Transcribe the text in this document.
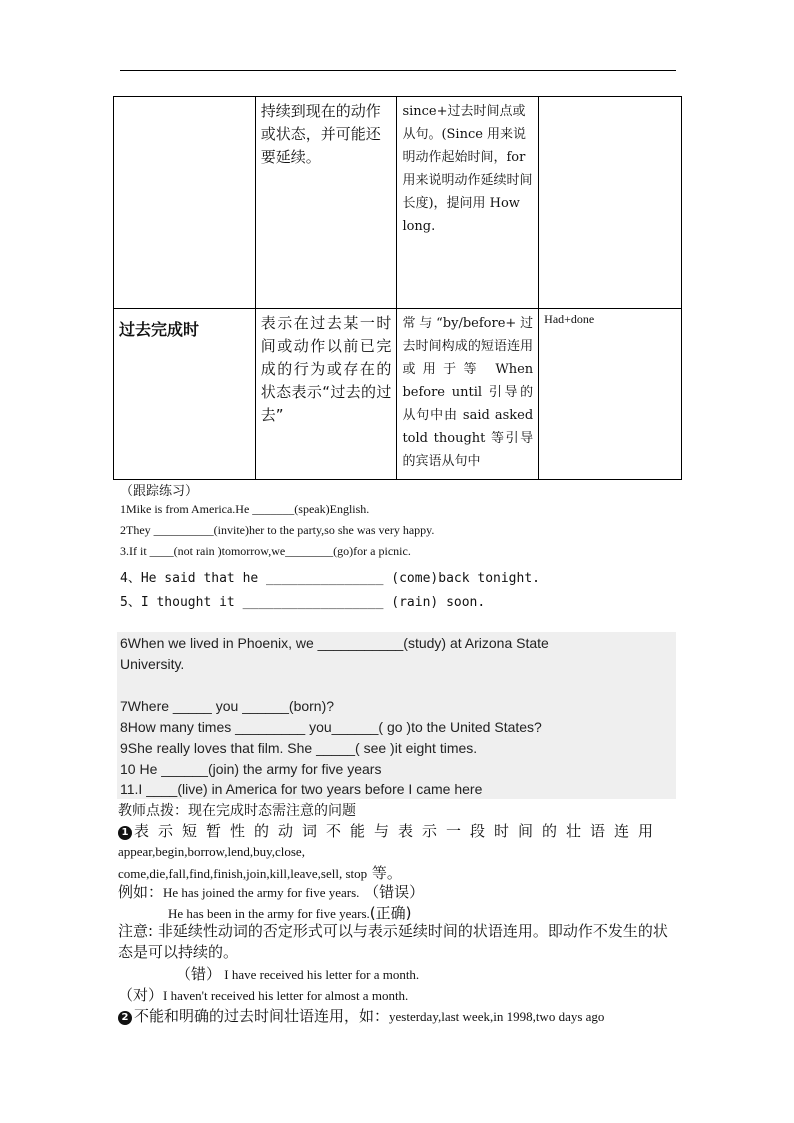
	持续到现在的动作或状态，并可能还要延续。	since+过去时间点或从句。(Since 用来说明动作起始时间，for 用来说明动作延续时间长度)，提问用 How long.	
过去完成时	表示在过去某一时间或动作以前已完成的行为或存在的状态表示“过去的过去”	常与“by/before+过去时间构成的短语连用或用于等 When before until 引导的从句中由 said asked told thought 等引导的宾语从句中	Had+done
（跟踪练习）
1Mike is from America.He _______(speak)English.
2They __________(invite)her to the party,so she was very happy.
3.If it ____(not rain )tomorrow,we________(go)for a picnic.
4、He said that he _______________ (come)back tonight.
5、I thought it __________________ (rain) soon.
6When we lived in Phoenix, we ___________(study) at Arizona State
University.
7Where _____ you ______(born)?
8How many times _________ you______( go )to the United States?
9She really loves that film. She _____( see )it eight times.
10 He ______(join) the army for five years
11.I ____(live) in America for two years before I came here
教师点拨：现在完成时态需注意的问题
1 表示短暂性的动词不能与表示一段时间的壮语连用
appear,begin,borrow,lend,buy,close,
come,die,fall,find,finish,join,kill,leave,sell, stop 等。
例如：He has joined the army for five years. （错误）
He has been in the army for five years.(正确)
注意: 非延续性动词的否定形式可以与表示延续时间的状语连用。即动作不发生的状态是可以持续的。
（错） I have received his letter for a month.
（对）I haven't received his letter for almost a month.
2 不能和明确的过去时间壮语连用，如：yesterday,last week,in 1998,two days ago
